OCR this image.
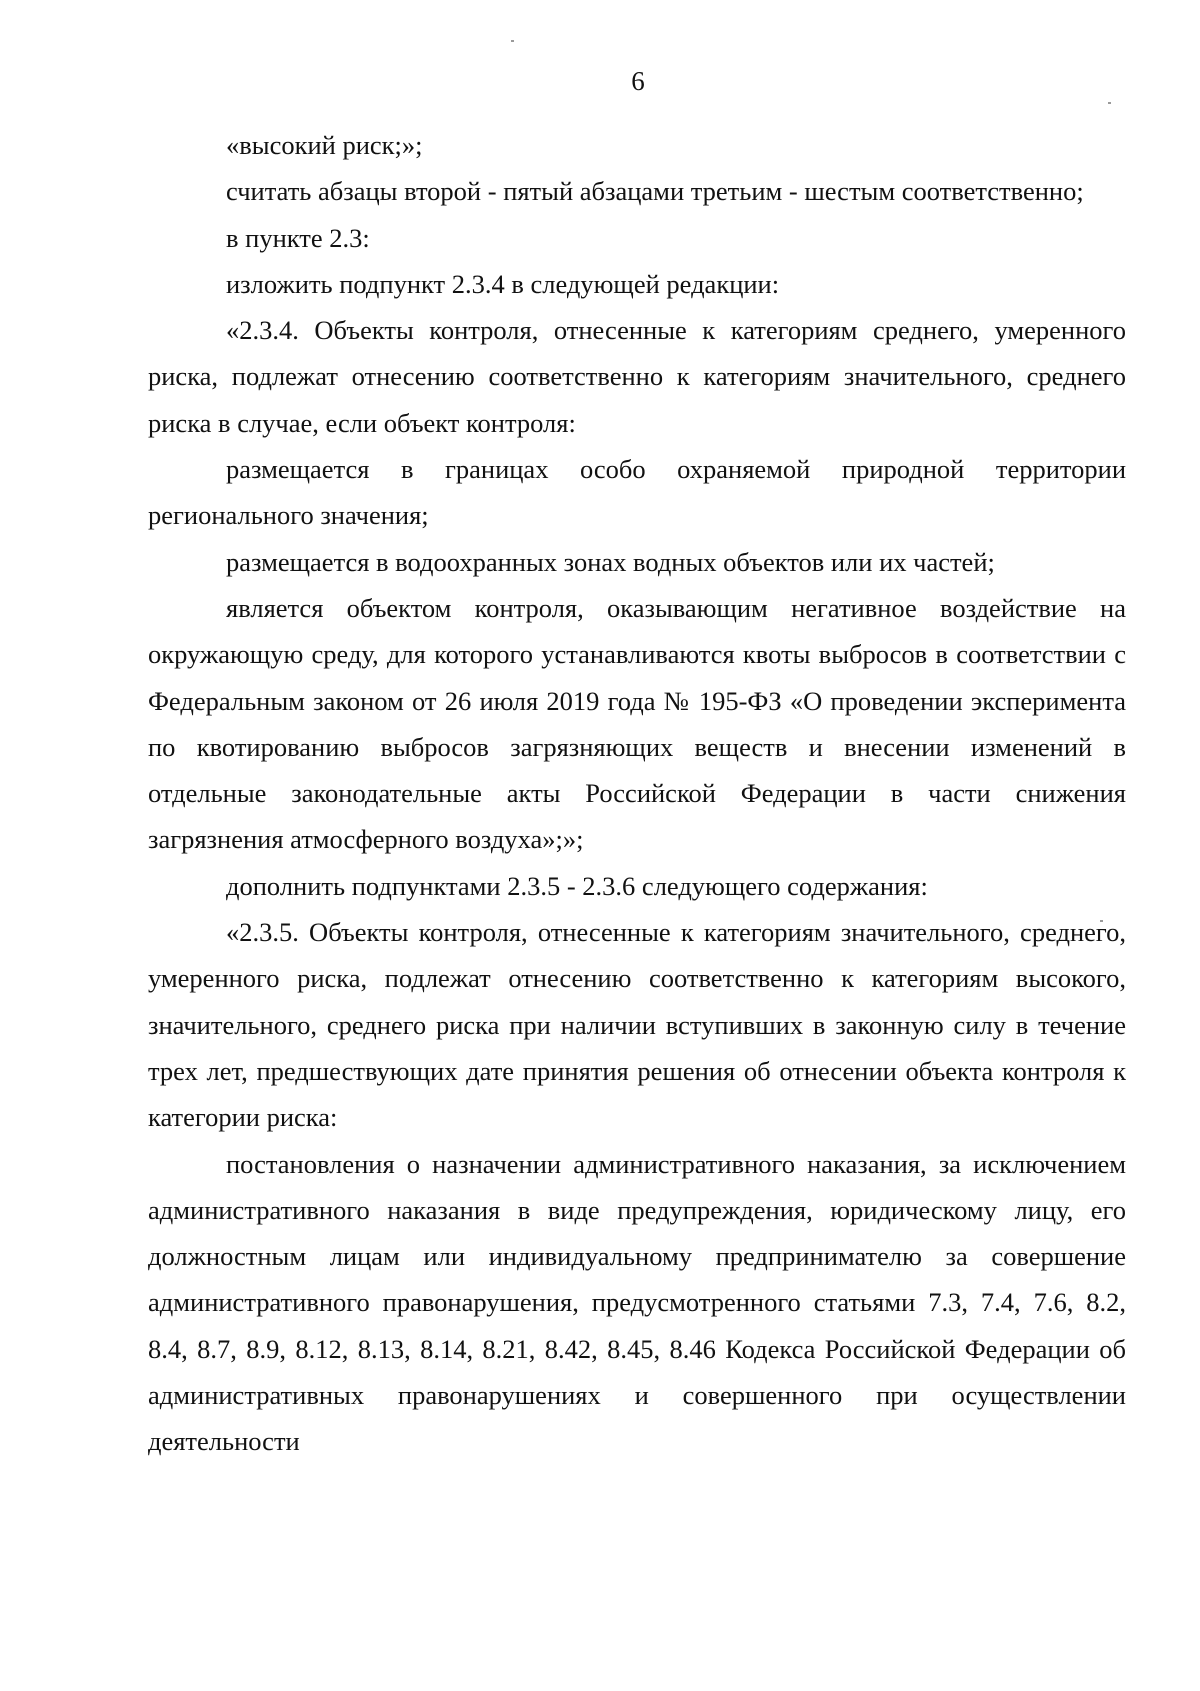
6

«высокий риск;»;

считать абзацы второй - пятый абзацами третьим - шестым соответственно;

в пункте 2.3:

изложить подпункт 2.3.4 в следующей редакции:

«2.3.4. Объекты контроля, отнесенные к категориям среднего, умеренного риска, подлежат отнесению соответственно к категориям значительного, среднего риска в случае, если объект контроля:

размещается в границах особо охраняемой природной территории регионального значения;

размещается в водоохранных зонах водных объектов или их частей;

является объектом контроля, оказывающим негативное воздействие на окружающую среду, для которого устанавливаются квоты выбросов в соответствии с Федеральным законом от 26 июля 2019 года № 195-ФЗ «О проведении эксперимента по квотированию выбросов загрязняющих веществ и внесении изменений в отдельные законодательные акты Российской Федерации в части снижения загрязнения атмосферного воздуха»;»;

дополнить подпунктами 2.3.5 - 2.3.6 следующего содержания:

«2.3.5. Объекты контроля, отнесенные к категориям значительного, среднего, умеренного риска, подлежат отнесению соответственно к категориям высокого, значительного, среднего риска при наличии вступивших в законную силу в течение трех лет, предшествующих дате принятия решения об отнесении объекта контроля к категории риска:

постановления о назначении административного наказания, за исключением административного наказания в виде предупреждения, юридическому лицу, его должностным лицам или индивидуальному предпринимателю за совершение административного правонарушения, предусмотренного статьями 7.3, 7.4, 7.6, 8.2, 8.4, 8.7, 8.9, 8.12, 8.13, 8.14, 8.21, 8.42, 8.45, 8.46 Кодекса Российской Федерации об административных правонарушениях и совершенного при осуществлении деятельности
